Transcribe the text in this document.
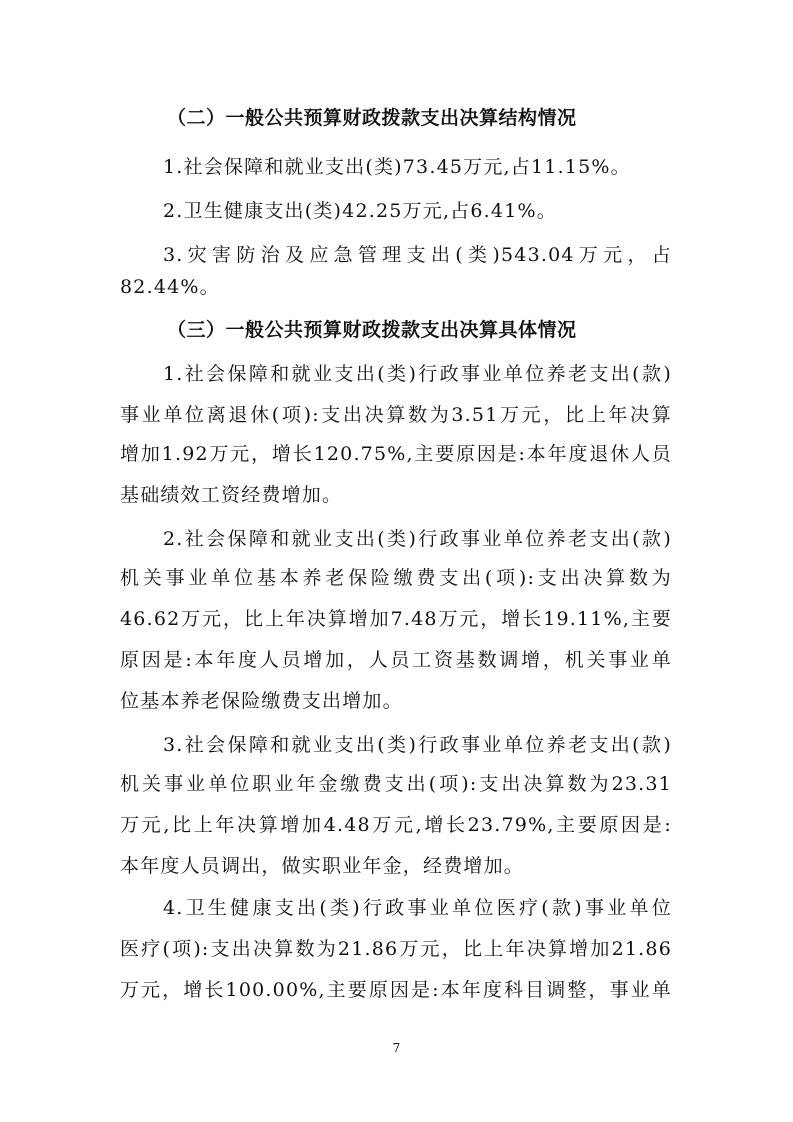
（二）一般公共预算财政拨款支出决算结构情况
1.社会保障和就业支出(类)73.45万元,占11.15%。
2.卫生健康支出(类)42.25万元,占6.41%。
3.灾害防治及应急管理支出(类)543.04万元，占
82.44%。
（三）一般公共预算财政拨款支出决算具体情况
1.社会保障和就业支出(类)行政事业单位养老支出(款)
事业单位离退休(项):支出决算数为3.51万元，比上年决算
增加1.92万元，增长120.75%,主要原因是:本年度退休人员
基础绩效工资经费增加。
2.社会保障和就业支出(类)行政事业单位养老支出(款)
机关事业单位基本养老保险缴费支出(项):支出决算数为
46.62万元，比上年决算增加7.48万元，增长19.11%,主要
原因是:本年度人员增加，人员工资基数调增，机关事业单
位基本养老保险缴费支出增加。
3.社会保障和就业支出(类)行政事业单位养老支出(款)
机关事业单位职业年金缴费支出(项):支出决算数为23.31
万元,比上年决算增加4.48万元,增长23.79%,主要原因是:
本年度人员调出，做实职业年金，经费增加。
4.卫生健康支出(类)行政事业单位医疗(款)事业单位
医疗(项):支出决算数为21.86万元，比上年决算增加21.86
万元，增长100.00%,主要原因是:本年度科目调整，事业单
7
